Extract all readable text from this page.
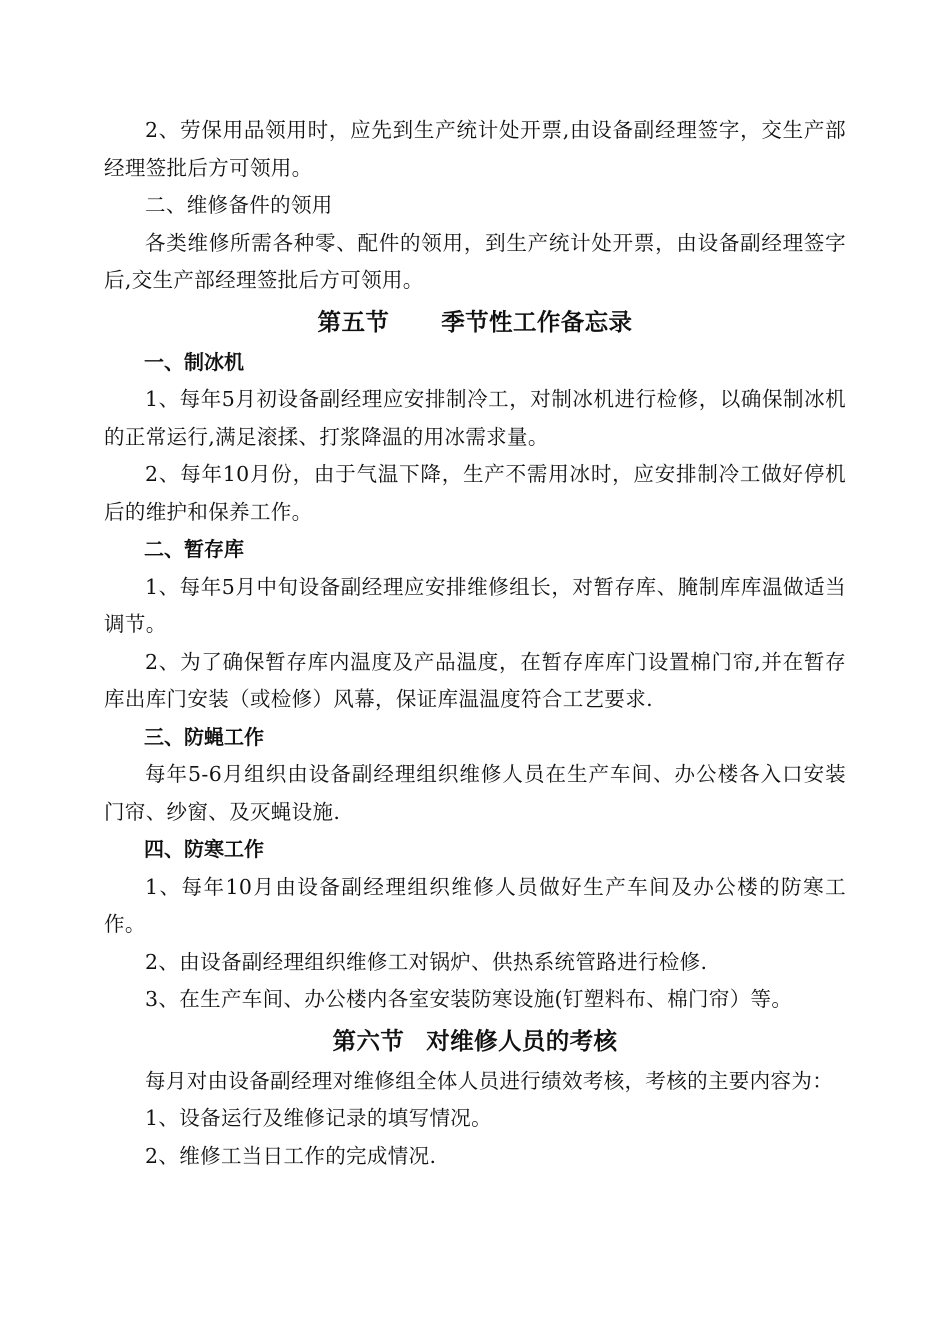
2、劳保用品领用时，应先到生产统计处开票,由设备副经理签字，交生产部经理签批后方可领用。

二、维修备件的领用

各类维修所需各种零、配件的领用，到生产统计处开票，由设备副经理签字后,交生产部经理签批后方可领用。

第五节 季节性工作备忘录

一、制冰机

1、每年5月初设备副经理应安排制冷工，对制冰机进行检修，以确保制冰机的正常运行,满足滚揉、打浆降温的用冰需求量。

2、每年10月份，由于气温下降，生产不需用冰时，应安排制冷工做好停机后的维护和保养工作。

二、暂存库

1、每年5月中旬设备副经理应安排维修组长，对暂存库、腌制库库温做适当调节。

2、为了确保暂存库内温度及产品温度，在暂存库库门设置棉门帘,并在暂存库出库门安装（或检修）风幕，保证库温温度符合工艺要求.

三、防蝇工作

每年5-6月组织由设备副经理组织维修人员在生产车间、办公楼各入口安装门帘、纱窗、及灭蝇设施.

四、防寒工作

1、每年10月由设备副经理组织维修人员做好生产车间及办公楼的防寒工作。

2、由设备副经理组织维修工对锅炉、供热系统管路进行检修.

3、在生产车间、办公楼内各室安装防寒设施(钉塑料布、棉门帘）等。

第六节 对维修人员的考核

每月对由设备副经理对维修组全体人员进行绩效考核，考核的主要内容为：

1、设备运行及维修记录的填写情况。

2、维修工当日工作的完成情况.
